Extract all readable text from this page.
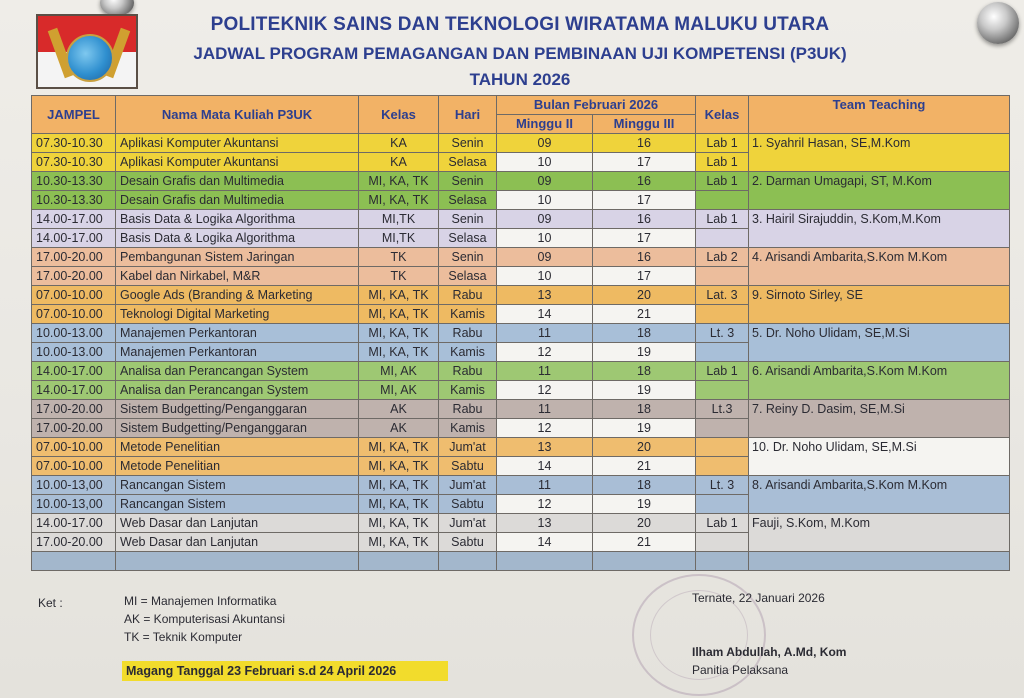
POLITEKNIK SAINS DAN TEKNOLOGI WIRATAMA MALUKU UTARA
JADWAL PROGRAM PEMAGANGAN DAN PEMBINAAN UJI KOMPETENSI (P3UK)
TAHUN 2026
JAMPEL	Nama Mata Kuliah P3UK	Kelas	Hari	Bulan Februari 2026		Kelas	Team Teaching
				Minggu II	Minggu III		
07.30-10.30	Aplikasi Komputer Akuntansi	KA	Senin	09	16	Lab 1	1. Syahril Hasan, SE,M.Kom
07.30-10.30	Aplikasi Komputer Akuntansi	KA	Selasa	10	17	Lab 1	
10.30-13.30	Desain Grafis dan Multimedia	MI, KA, TK	Senin	09	16	Lab 1	2. Darman Umagapi, ST, M.Kom
10.30-13.30	Desain Grafis dan Multimedia	MI, KA, TK	Selasa	10	17		
14.00-17.00	Basis Data & Logika Algorithma	MI,TK	Senin	09	16	Lab 1	3. Hairil Sirajuddin, S.Kom,M.Kom
14.00-17.00	Basis Data & Logika Algorithma	MI,TK	Selasa	10	17		
17.00-20.00	Pembangunan Sistem Jaringan	TK	Senin	09	16	Lab 2	4. Arisandi Ambarita,S.Kom M.Kom
17.00-20.00	Kabel dan Nirkabel, M&R	TK	Selasa	10	17		
07.00-10.00	Google Ads (Branding & Marketing	MI, KA, TK	Rabu	13	20	Lat. 3	9. Sirnoto Sirley, SE
07.00-10.00	Teknologi Digital Marketing	MI, KA, TK	Kamis	14	21		
10.00-13.00	Manajemen Perkantoran	MI, KA, TK	Rabu	11	18	Lt. 3	5. Dr. Noho Ulidam, SE,M.Si
10.00-13.00	Manajemen Perkantoran	MI, KA, TK	Kamis	12	19		
14.00-17.00	Analisa dan Perancangan System	MI, AK	Rabu	11	18	Lab 1	6. Arisandi Ambarita,S.Kom M.Kom
14.00-17.00	Analisa dan Perancangan System	MI, AK	Kamis	12	19		
17.00-20.00	Sistem Budgetting/Penganggaran	AK	Rabu	11	18	Lt.3	7. Reiny D. Dasim, SE,M.Si
17.00-20.00	Sistem Budgetting/Penganggaran	AK	Kamis	12	19		
07.00-10.00	Metode Penelitian	MI, KA, TK	Jum'at	13	20		10. Dr. Noho Ulidam, SE,M.Si
07.00-10.00	Metode Penelitian	MI, KA, TK	Sabtu	14	21		
10.00-13,00	Rancangan Sistem	MI, KA, TK	Jum'at	11	18	Lt. 3	8. Arisandi Ambarita,S.Kom M.Kom
10.00-13,00	Rancangan Sistem	MI, KA, TK	Sabtu	12	19		
14.00-17.00	Web Dasar dan Lanjutan	MI, KA, TK	Jum'at	13	20	Lab 1	Fauji, S.Kom, M.Kom
17.00-20.00	Web Dasar dan Lanjutan	MI, KA, TK	Sabtu	14	21		

Ket :	MI = Manajemen Informatika
AK = Komputerisasi Akuntansi
TK = Teknik Komputer
Ternate, 22 Januari 2026
Ilham Abdullah, A.Md, Kom
Panitia Pelaksana
Magang Tanggal 23 Februari s.d 24 April 2026
